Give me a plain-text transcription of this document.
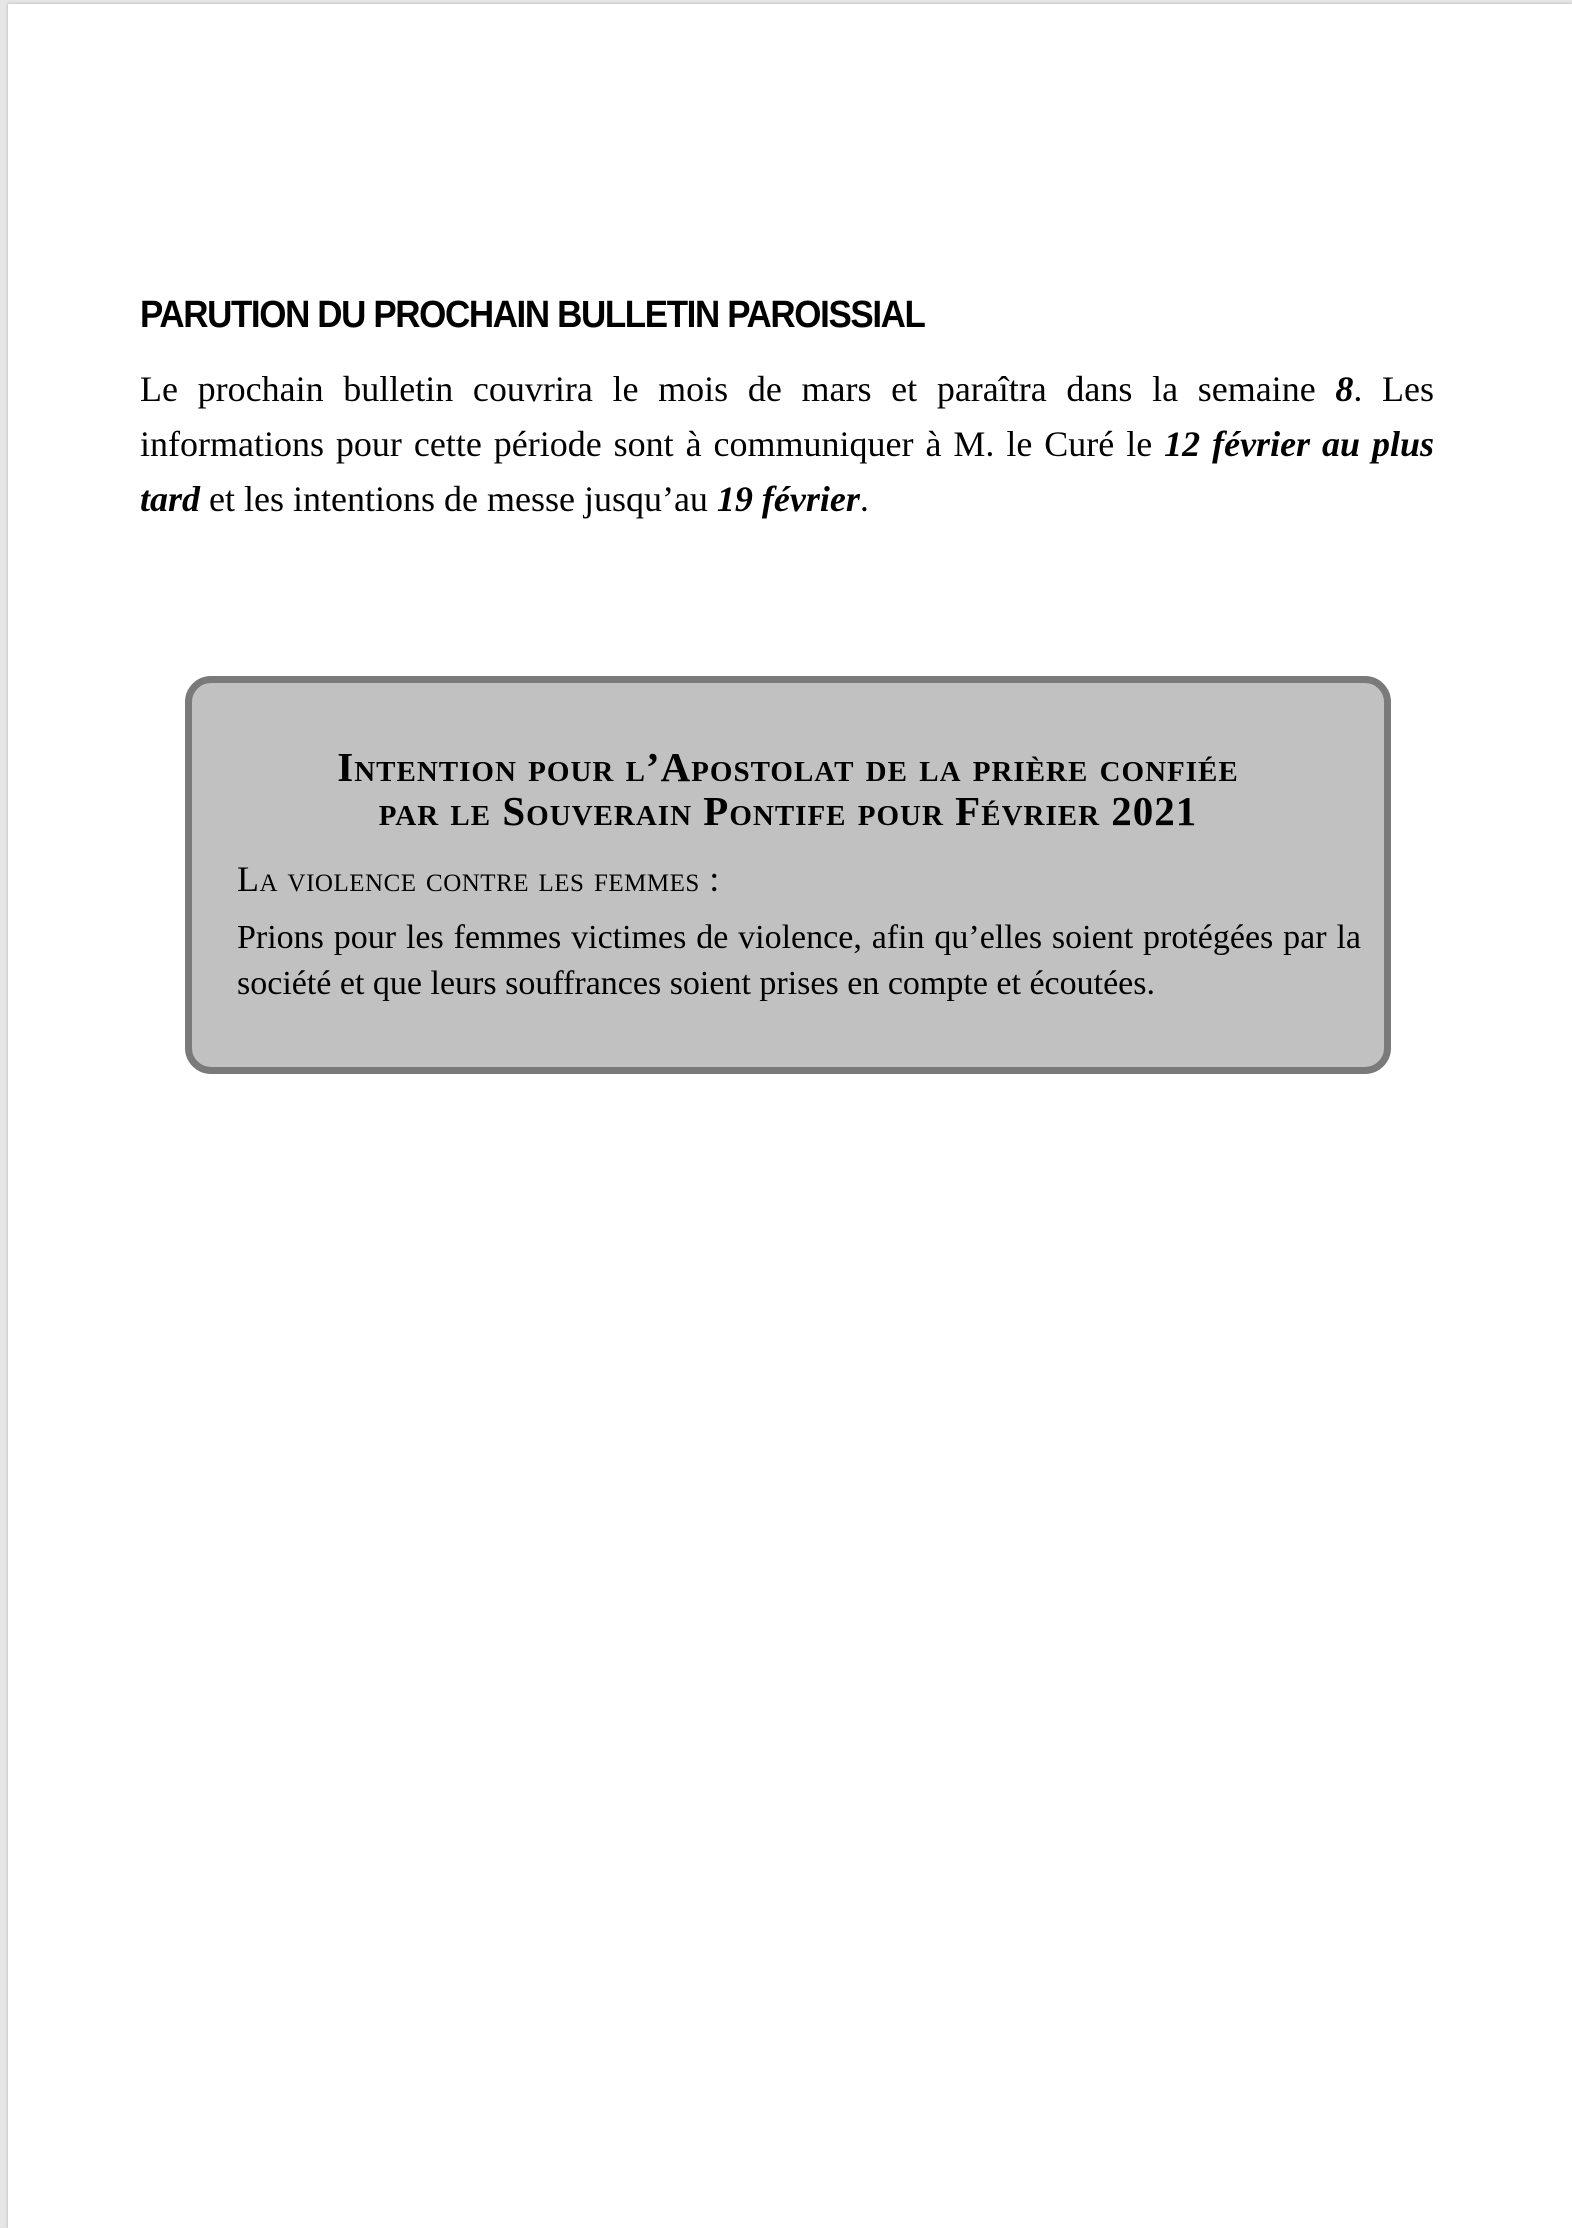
PARUTION DU PROCHAIN BULLETIN PAROISSIAL

Le prochain bulletin couvrira le mois de mars et paraîtra dans la semaine 8. Les informations pour cette période sont à communiquer à M. le Curé le 12 février au plus tard et les intentions de messe jusqu’au 19 février.

Intention pour l’Apostolat de la prière confiée
par le Souverain Pontife pour Février 2021
La violence contre les femmes :

Prions pour les femmes victimes de violence, afin qu’elles soient protégées par la société et que leurs souffrances soient prises en compte et écoutées.
